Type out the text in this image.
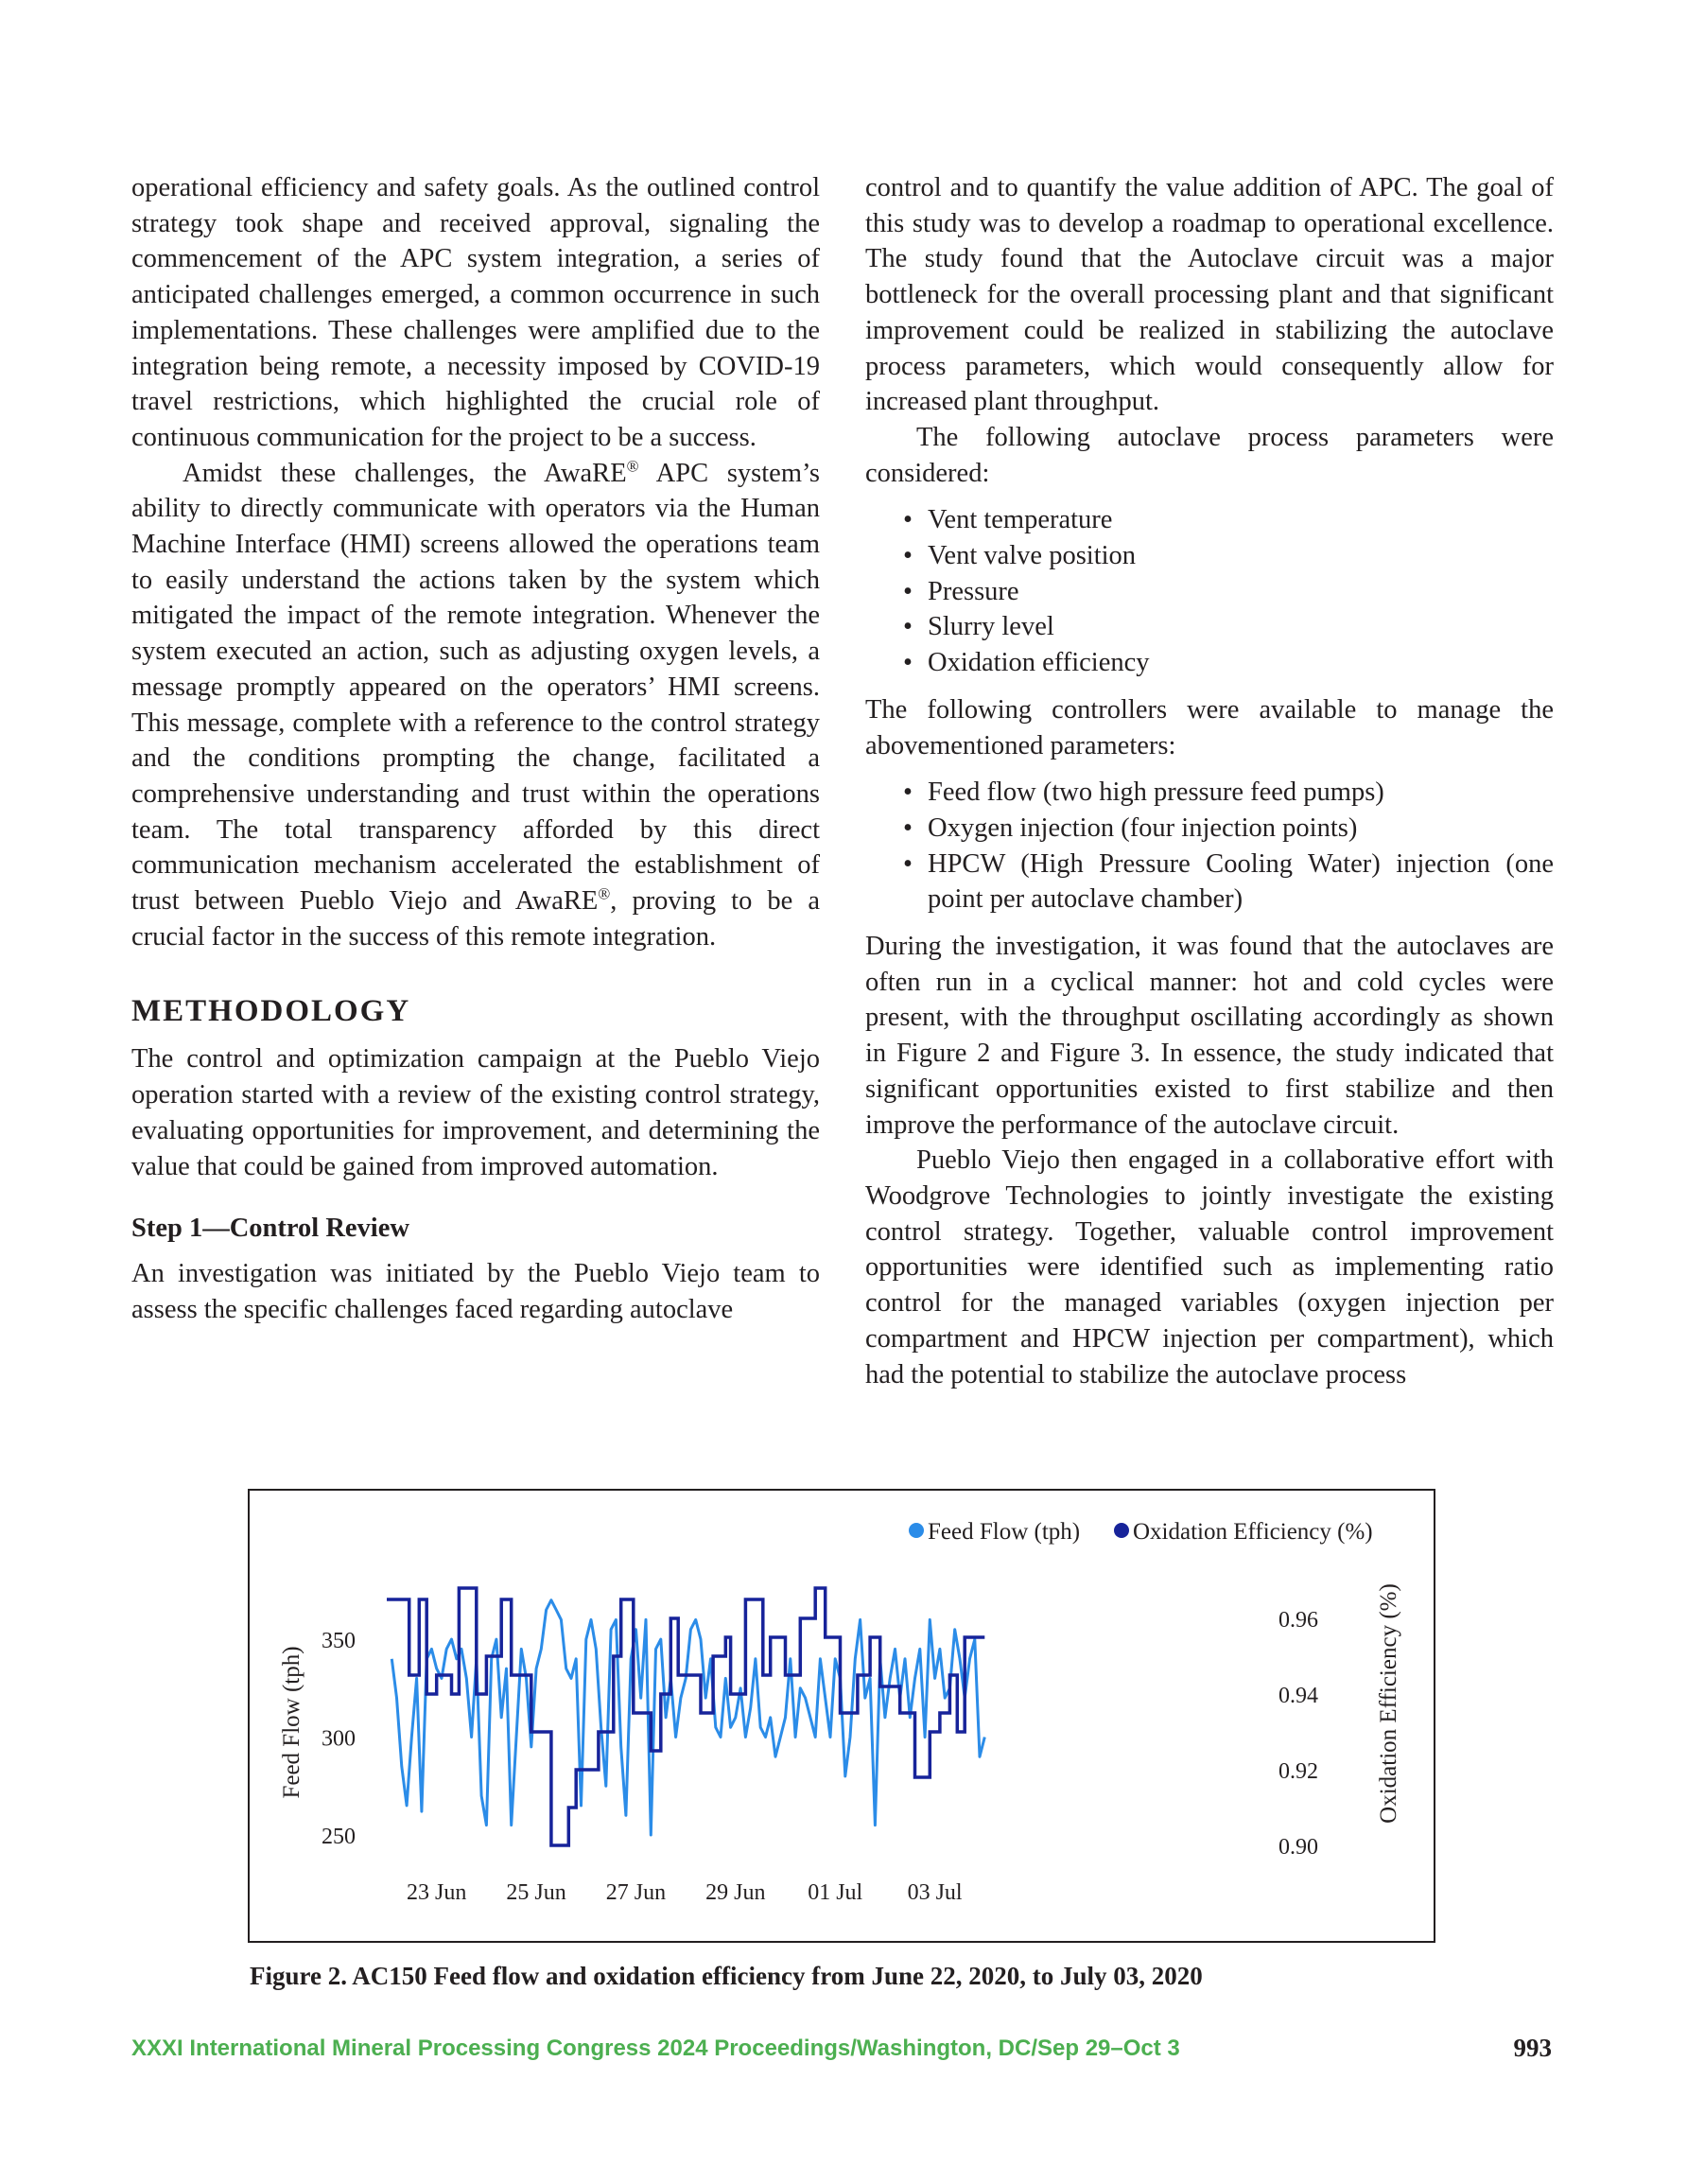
operational efficiency and safety goals. As the outlined control strategy took shape and received approval, signaling the commencement of the APC system integration, a series of anticipated challenges emerged, a common occurrence in such implementations. These challenges were amplified due to the integration being remote, a necessity imposed by COVID-19 travel restrictions, which highlighted the crucial role of continuous communication for the project to be a success.

Amidst these challenges, the AwaRE® APC system’s ability to directly communicate with operators via the Human Machine Interface (HMI) screens allowed the operations team to easily understand the actions taken by the system which mitigated the impact of the remote integration. Whenever the system executed an action, such as adjusting oxygen levels, a message promptly appeared on the operators’ HMI screens. This message, complete with a reference to the control strategy and the conditions prompting the change, facilitated a comprehensive understanding and trust within the operations team. The total transparency afforded by this direct communication mechanism accelerated the establishment of trust between Pueblo Viejo and AwaRE®, proving to be a crucial factor in the success of this remote integration.

METHODOLOGY

The control and optimization campaign at the Pueblo Viejo operation started with a review of the existing control strategy, evaluating opportunities for improvement, and determining the value that could be gained from improved automation.

Step 1—Control Review

An investigation was initiated by the Pueblo Viejo team to assess the specific challenges faced regarding autoclave

control and to quantify the value addition of APC. The goal of this study was to develop a roadmap to operational excellence. The study found that the Autoclave circuit was a major bottleneck for the overall processing plant and that significant improvement could be realized in stabilizing the autoclave process parameters, which would consequently allow for increased plant throughput.

The following autoclave process parameters were considered:

• Vent temperature
• Vent valve position
• Pressure
• Slurry level
• Oxidation efficiency

The following controllers were available to manage the abovementioned parameters:

• Feed flow (two high pressure feed pumps)
• Oxygen injection (four injection points)
• HPCW (High Pressure Cooling Water) injection (one point per autoclave chamber)

During the investigation, it was found that the autoclaves are often run in a cyclical manner: hot and cold cycles were present, with the throughput oscillating accordingly as shown in Figure 2 and Figure 3. In essence, the study indicated that significant opportunities existed to first stabilize and then improve the performance of the autoclave circuit.

Pueblo Viejo then engaged in a collaborative effort with Woodgrove Technologies to jointly investigate the existing control strategy. Together, valuable control improvement opportunities were identified such as implementing ratio control for the managed variables (oxygen injection per compartment and HPCW injection per compartment), which had the potential to stabilize the autoclave process

Feed Flow (tph) Oxidation Efficiency (%)
250
300
350
0.90
0.92
0.94
0.96
23 Jun 25 Jun 27 Jun 29 Jun 01 Jul 03 Jul
Feed Flow (tph)	Oxidation Efficiency (%)
Figure 2. AC150 Feed flow and oxidation efficiency from June 22, 2020, to July 03, 2020
XXXI International Mineral Processing Congress 2024 Proceedings/Washington, DC/Sep 29–Oct 3	993
